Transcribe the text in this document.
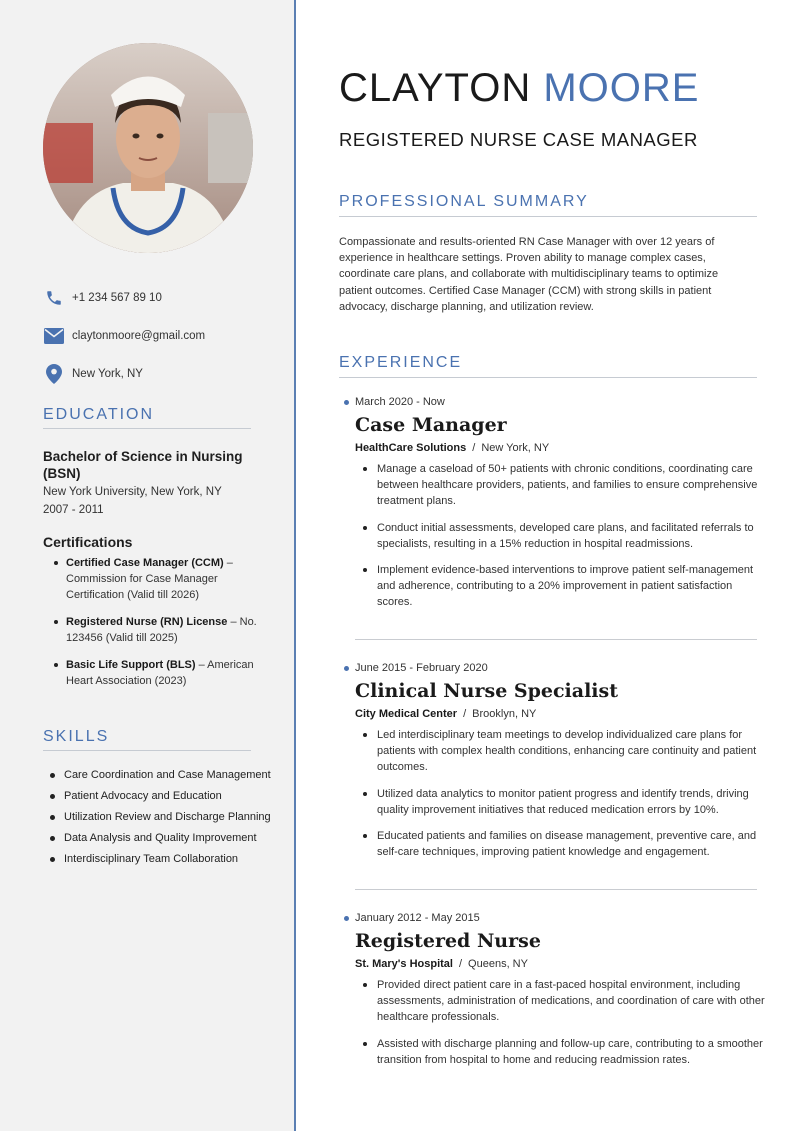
+1 234 567 89 10
claytonmoore@gmail.com
New York, NY
EDUCATION
Bachelor of Science in Nursing (BSN)
New York University, New York, NY
2007 - 2011
Certifications
Certified Case Manager (CCM) – Commission for Case Manager Certification (Valid till 2026)
Registered Nurse (RN) License – No. 123456 (Valid till 2025)
Basic Life Support (BLS) – American Heart Association (2023)
SKILLS
Care Coordination and Case Management
Patient Advocacy and Education
Utilization Review and Discharge Planning
Data Analysis and Quality Improvement
Interdisciplinary Team Collaboration
CLAYTON MOORE
REGISTERED NURSE CASE MANAGER
PROFESSIONAL SUMMARY
Compassionate and results-oriented RN Case Manager with over 12 years of experience in healthcare settings. Proven ability to manage complex cases, coordinate care plans, and collaborate with multidisciplinary teams to optimize patient outcomes. Certified Case Manager (CCM) with strong skills in patient advocacy, discharge planning, and utilization review.
EXPERIENCE
March 2020 - Now
Case Manager
HealthCare Solutions / New York, NY
Manage a caseload of 50+ patients with chronic conditions, coordinating care between healthcare providers, patients, and families to ensure comprehensive treatment plans.
Conduct initial assessments, developed care plans, and facilitated referrals to specialists, resulting in a 15% reduction in hospital readmissions.
Implement evidence-based interventions to improve patient self-management and adherence, contributing to a 20% improvement in patient satisfaction scores.
June 2015 - February 2020
Clinical Nurse Specialist
City Medical Center / Brooklyn, NY
Led interdisciplinary team meetings to develop individualized care plans for patients with complex health conditions, enhancing care continuity and patient outcomes.
Utilized data analytics to monitor patient progress and identify trends, driving quality improvement initiatives that reduced medication errors by 10%.
Educated patients and families on disease management, preventive care, and self-care techniques, improving patient knowledge and engagement.
January 2012 - May 2015
Registered Nurse
St. Mary's Hospital / Queens, NY
Provided direct patient care in a fast-paced hospital environment, including assessments, administration of medications, and coordination of care with other healthcare professionals.
Assisted with discharge planning and follow-up care, contributing to a smoother transition from hospital to home and reducing readmission rates.
